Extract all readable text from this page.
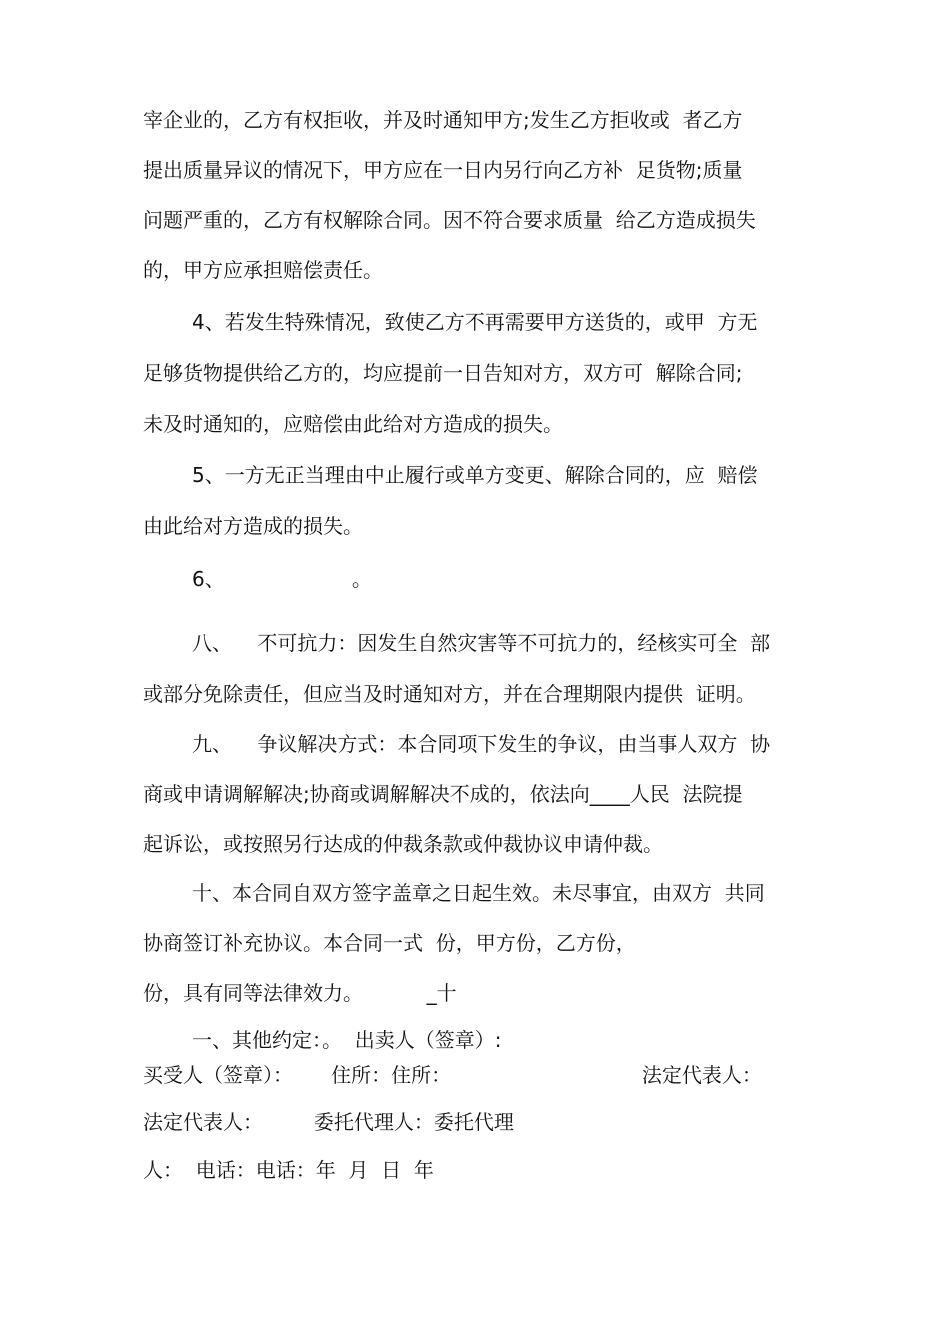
宰企业的，乙方有权拒收，并及时通知甲方;发生乙方拒收或  者乙方
提出质量异议的情况下，甲方应在一日内另行向乙方补  足货物;质量
问题严重的，乙方有权解除合同。因不符合要求质量  给乙方造成损失
的，甲方应承担赔偿责任。
4、若发生特殊情况，致使乙方不再需要甲方送货的，或甲  方无
足够货物提供给乙方的，均应提前一日告知对方，双方可  解除合同;
未及时通知的，应赔偿由此给对方造成的损失。
5、一方无正当理由中止履行或单方变更、解除合同的，应  赔偿
由此给对方造成的损失。
6、                    。
八、    不可抗力：因发生自然灾害等不可抗力的，经核实可全  部
或部分免除责任，但应当及时通知对方，并在合理期限内提供  证明。
九、    争议解决方式：本合同项下发生的争议，由当事人双方  协
商或申请调解解决;协商或调解解决不成的，依法向____人民  法院提
起诉讼，或按照另行达成的仲裁条款或仲裁协议申请仲裁。
十、本合同自双方签字盖章之日起生效。未尽事宜，由双方  共同
协商签订补充协议。本合同一式  份，甲方份，乙方份，
份，具有同等法律效力。          _十
一、其他约定：。  出卖人（签章）:
买受人（签章）：      住所：住所：                              法定代表人：
法定代表人：        委托代理人：委托代理
人：  电话：电话：年  月  日  年
